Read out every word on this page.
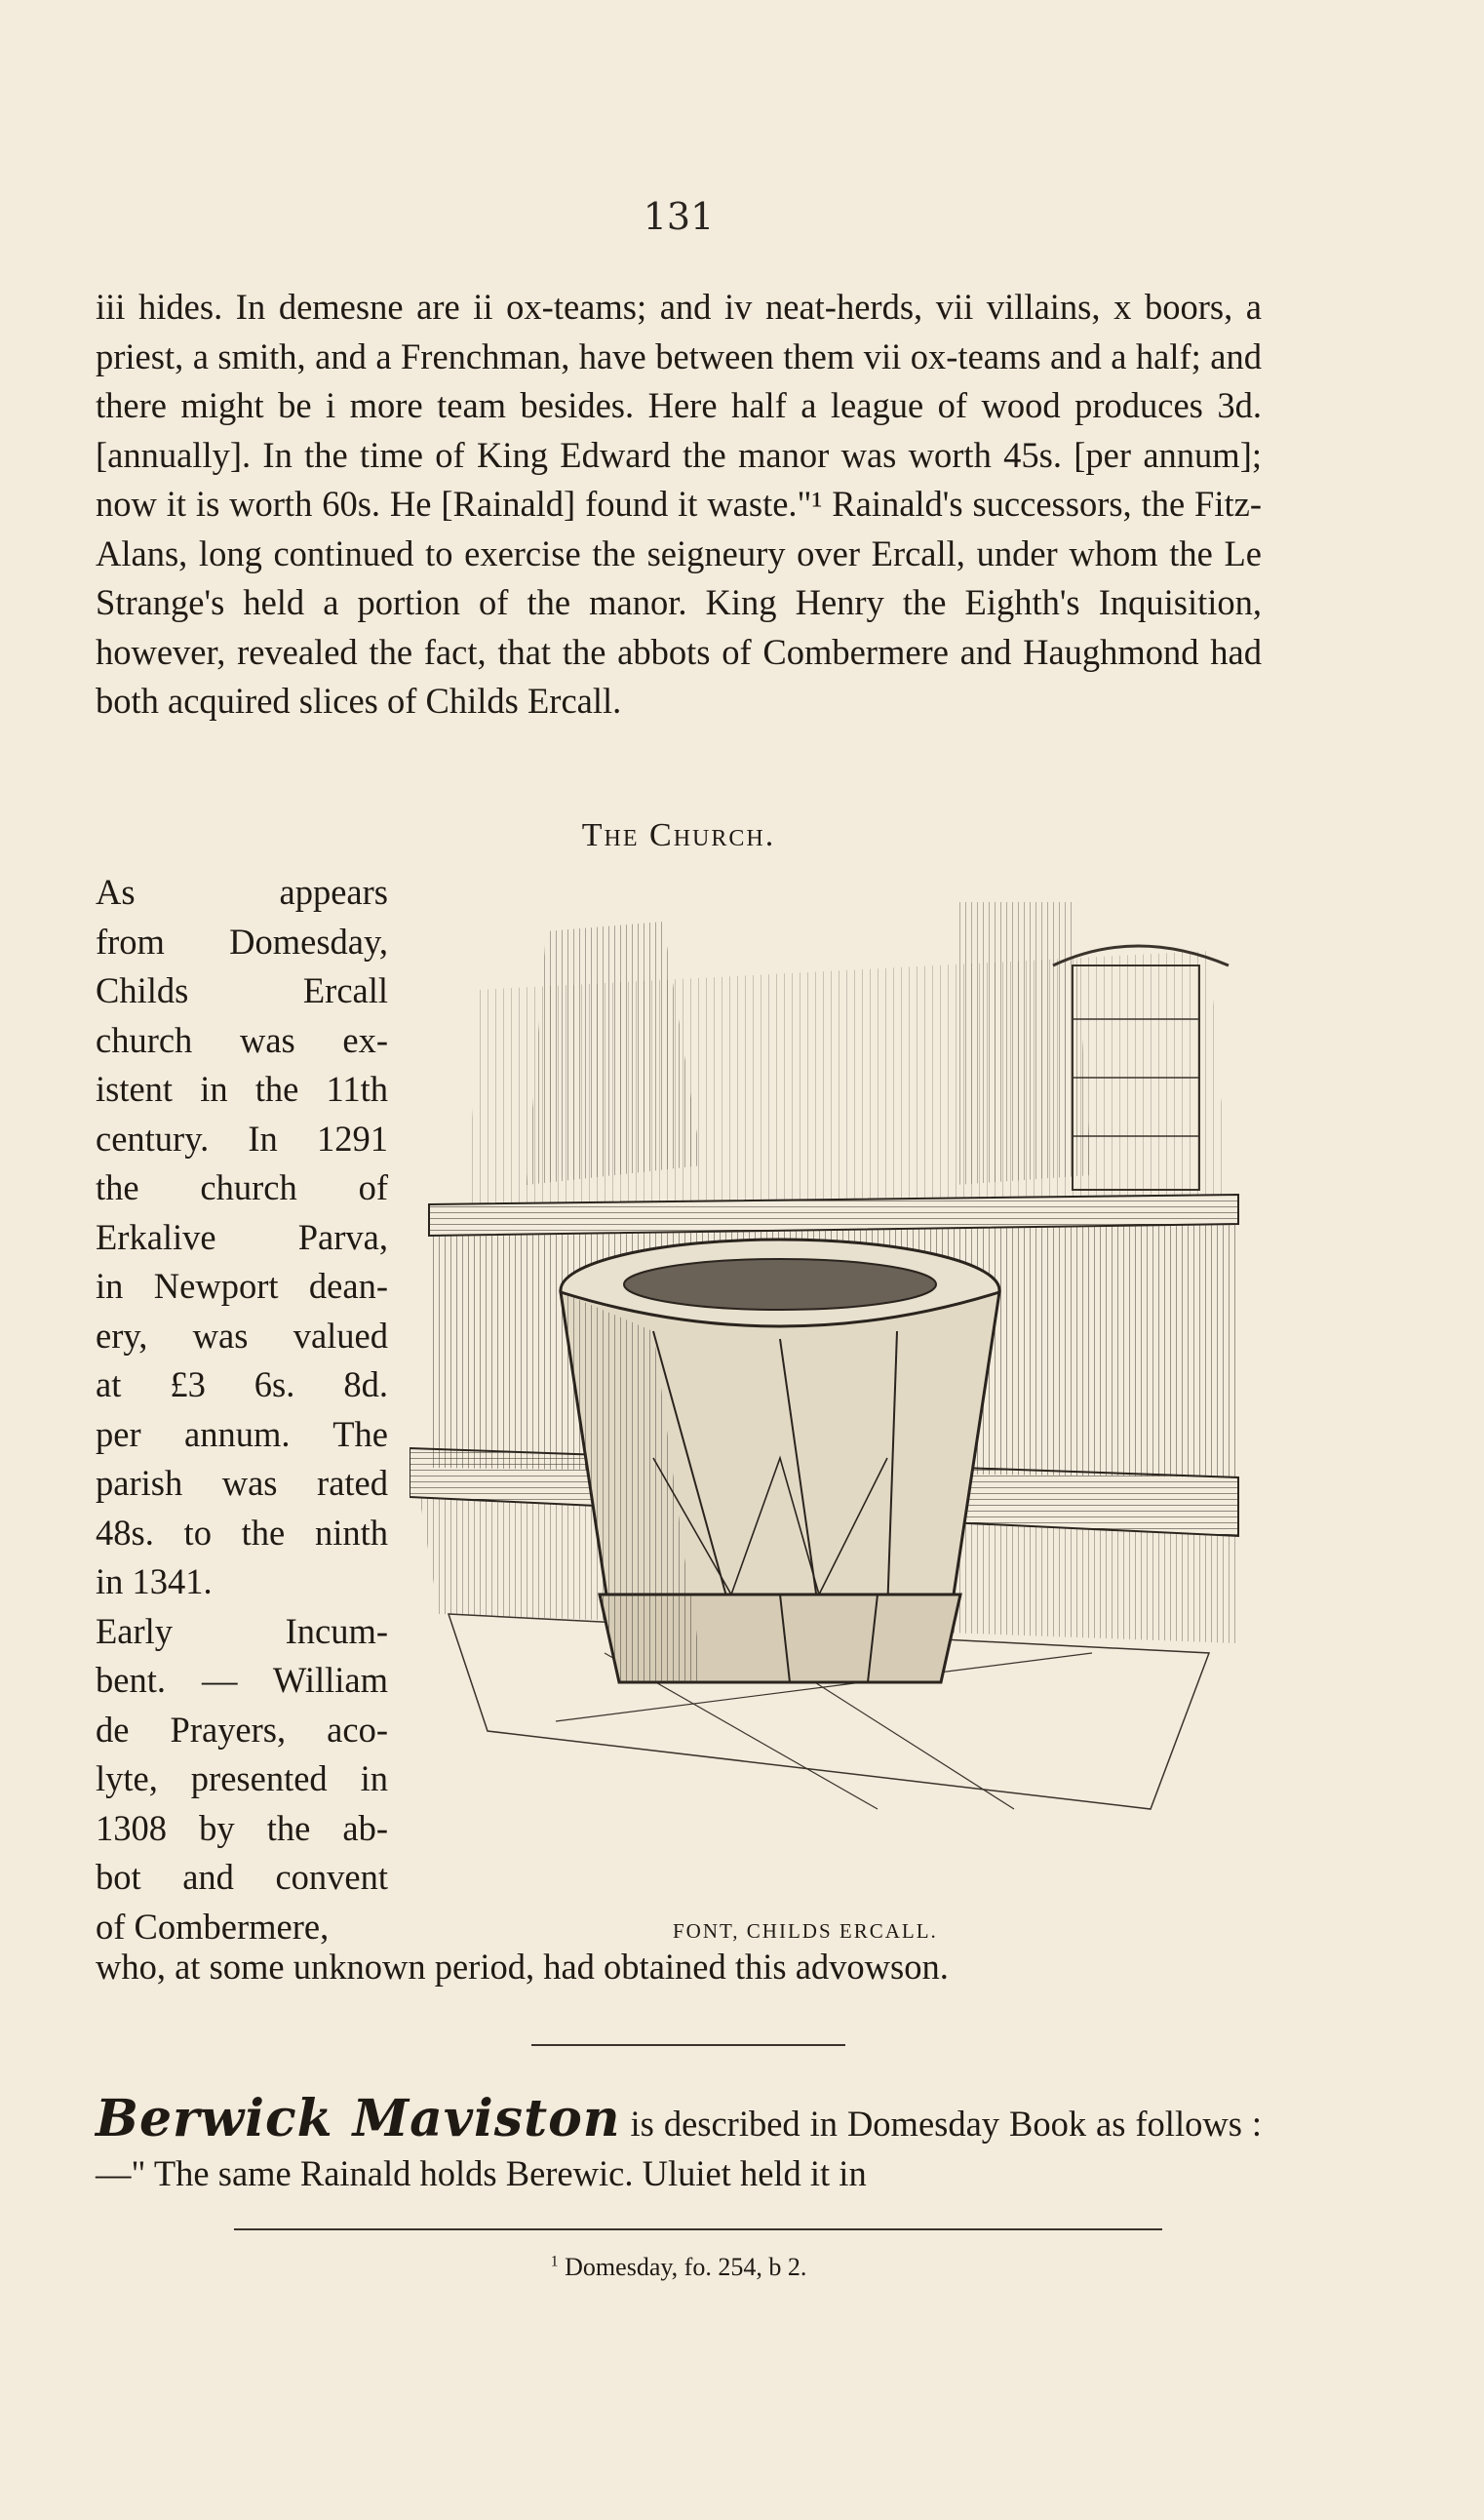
131
iii hides. In demesne are ii ox-teams; and iv neat-herds, vii villains, x boors, a priest, a smith, and a Frenchman, have between them vii ox-teams and a half; and there might be i more team besides. Here half a league of wood produces 3d. [annually]. In the time of King Edward the manor was worth 45s. [per annum]; now it is worth 60s. He [Rainald] found it waste."¹ Rainald's successors, the Fitz-Alans, long continued to exercise the seigneury over Ercall, under whom the Le Strange's held a portion of the manor. King Henry the Eighth's Inquisition, however, revealed the fact, that the abbots of Combermere and Haughmond had both acquired slices of Childs Ercall.
The Church.

As appears
from Domesday,
Childs Ercall
church was ex-
istent in the 11th
century. In 1291
the church of
Erkalive Parva,
in Newport dean-
ery, was valued
at £3 6s. 8d.
per annum. The
parish was rated
48s. to the ninth
in 1341.
Early Incum-
bent. — William
de Prayers, aco-
lyte, presented in
1308 by the ab-
bot and convent
of Combermere,	FONT, CHILDS ERCALL.
who, at some unknown period, had obtained this advowson.
Berwick Maviston is described in Domesday Book as follows :—" The same Rainald holds Berewic. Uluiet held it in
$^1$ Domesday, fo. 254, b 2.
